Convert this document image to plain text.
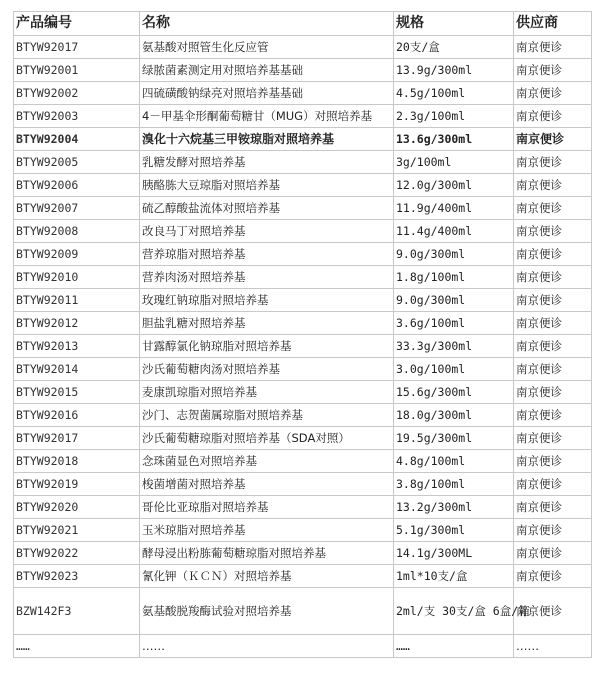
产品编号	名称	规格	供应商
BTYW92017	氨基酸对照管生化反应管	20支/盒	南京便诊
BTYW92001	绿脓菌素测定用对照培养基基础	13.9g/300ml	南京便诊
BTYW92002	四硫磺酸钠绿亮对照培养基基础	4.5g/100ml	南京便诊
BTYW92003	4－甲基伞形酮葡萄糖甘（MUG）对照培养基	2.3g/100ml	南京便诊
BTYW92004	溴化十六烷基三甲铵琼脂对照培养基	13.6g/300ml	南京便诊
BTYW92005	乳糖发酵对照培养基	3g/100ml	南京便诊
BTYW92006	胰酪胨大豆琼脂对照培养基	12.0g/300ml	南京便诊
BTYW92007	硫乙醇酸盐流体对照培养基	11.9g/400ml	南京便诊
BTYW92008	改良马丁对照培养基	11.4g/400ml	南京便诊
BTYW92009	营养琼脂对照培养基	9.0g/300ml	南京便诊
BTYW92010	营养肉汤对照培养基	1.8g/100ml	南京便诊
BTYW92011	玫瑰红钠琼脂对照培养基	9.0g/300ml	南京便诊
BTYW92012	胆盐乳糖对照培养基	3.6g/100ml	南京便诊
BTYW92013	甘露醇氯化钠琼脂对照培养基	33.3g/300ml	南京便诊
BTYW92014	沙氏葡萄糖肉汤对照培养基	3.0g/100ml	南京便诊
BTYW92015	麦康凯琼脂对照培养基	15.6g/300ml	南京便诊
BTYW92016	沙门、志贺菌属琼脂对照培养基	18.0g/300ml	南京便诊
BTYW92017	沙氏葡萄糖琼脂对照培养基（SDA对照）	19.5g/300ml	南京便诊
BTYW92018	念珠菌显色对照培养基	4.8g/100ml	南京便诊
BTYW92019	梭菌增菌对照培养基	3.8g/100ml	南京便诊
BTYW92020	哥伦比亚琼脂对照培养基	13.2g/300ml	南京便诊
BTYW92021	玉米琼脂对照培养基	5.1g/300ml	南京便诊
BTYW92022	酵母浸出粉胨葡萄糖琼脂对照培养基	14.1g/300ML	南京便诊
BTYW92023	氰化钾（ＫＣＮ）对照培养基	1ml*10支/盒	南京便诊
BZW142F3	氨基酸脱羧酶试验对照培养基	2ml/支 30支/盒 6盒/箱	南京便诊
……	……	……	……
